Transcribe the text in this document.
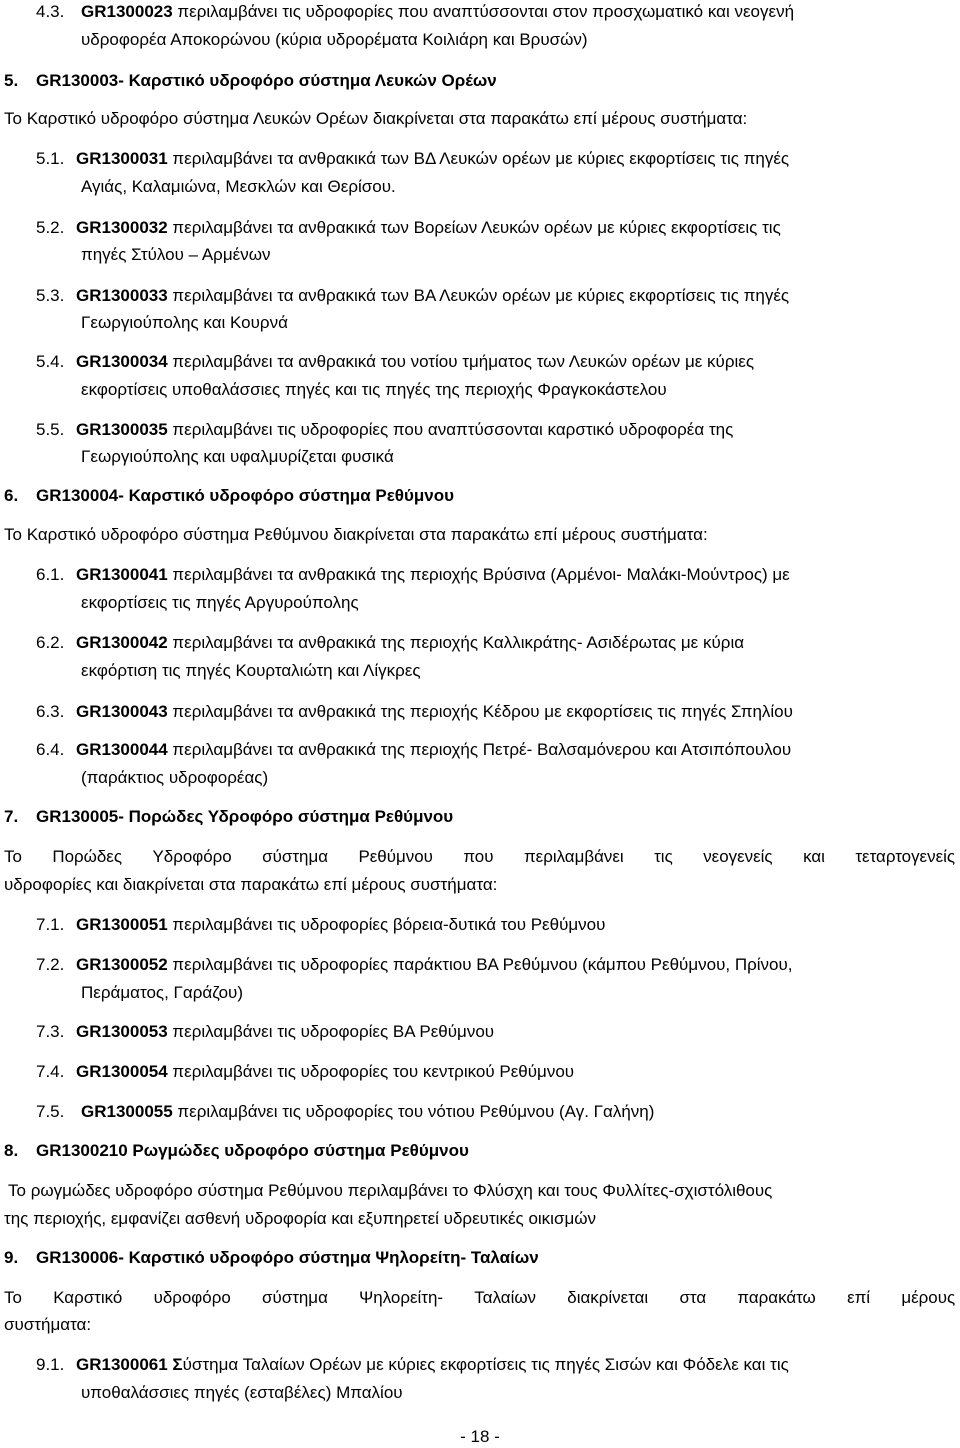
4.3. GR1300023 περιλαμβάνει τις υδροφορίες που αναπτύσσονται στον προσχωματικό και νεογενή
υδροφορέα Αποκορώνου (κύρια υδρορέματα Κοιλιάρη και Βρυσών)
5. GR130003- Καρστικό υδροφόρο σύστημα Λευκών Ορέων
Το Καρστικό υδροφόρο σύστημα Λευκών Ορέων διακρίνεται στα παρακάτω επί μέρους συστήματα:
5.1. GR1300031 περιλαμβάνει τα ανθρακικά των ΒΔ Λευκών ορέων με κύριες εκφορτίσεις τις πηγές
Αγιάς, Καλαμιώνα, Μεσκλών και Θερίσου.
5.2. GR1300032 περιλαμβάνει τα ανθρακικά των Βορείων Λευκών ορέων με κύριες εκφορτίσεις τις
πηγές Στύλου – Αρμένων
5.3. GR1300033 περιλαμβάνει τα ανθρακικά των ΒΑ Λευκών ορέων με κύριες εκφορτίσεις τις πηγές
Γεωργιούπολης και Κουρνά
5.4. GR1300034 περιλαμβάνει τα ανθρακικά του νοτίου τμήματος των Λευκών ορέων με κύριες
εκφορτίσεις υποθαλάσσιες πηγές και τις πηγές της περιοχής Φραγκοκάστελου
5.5. GR1300035 περιλαμβάνει τις υδροφορίες που αναπτύσσονται καρστικό υδροφορέα της
Γεωργιούπολης και υφαλμυρίζεται φυσικά
6. GR130004- Καρστικό υδροφόρο σύστημα Ρεθύμνου
Το Καρστικό υδροφόρο σύστημα Ρεθύμνου διακρίνεται στα παρακάτω επί μέρους συστήματα:
6.1. GR1300041 περιλαμβάνει τα ανθρακικά της περιοχής Βρύσινα (Αρμένοι- Μαλάκι-Μούντρος) με
εκφορτίσεις τις πηγές Αργυρούπολης
6.2. GR1300042 περιλαμβάνει τα ανθρακικά της περιοχής Καλλικράτης- Ασιδέρωτας με κύρια
εκφόρτιση τις πηγές Κουρταλιώτη και Λίγκρες
6.3. GR1300043 περιλαμβάνει τα ανθρακικά της περιοχής Κέδρου με εκφορτίσεις τις πηγές Σπηλίου
6.4. GR1300044 περιλαμβάνει τα ανθρακικά της περιοχής Πετρέ- Βαλσαμόνερου και Ατσιπόπουλου
(παράκτιος υδροφορέας)
7. GR130005- Πορώδες Υδροφόρο σύστημα Ρεθύμνου
Το Πορώδες Υδροφόρο σύστημα Ρεθύμνου που περιλαμβάνει τις νεογενείς και τεταρτογενείς
υδροφορίες και διακρίνεται στα παρακάτω επί μέρους συστήματα:
7.1. GR1300051 περιλαμβάνει τις υδροφορίες βόρεια-δυτικά του Ρεθύμνου
7.2. GR1300052 περιλαμβάνει τις υδροφορίες παράκτιου ΒΑ Ρεθύμνου (κάμπου Ρεθύμνου, Πρίνου,
Περάματος, Γαράζου)
7.3. GR1300053 περιλαμβάνει τις υδροφορίες ΒΑ Ρεθύμνου
7.4. GR1300054 περιλαμβάνει τις υδροφορίες του κεντρικού Ρεθύμνου
7.5. GR1300055 περιλαμβάνει τις υδροφορίες του νότιου Ρεθύμνου (Αγ. Γαλήνη)
8. GR1300210 Ρωγμώδες υδροφόρο σύστημα Ρεθύμνου
Το ρωγμώδες υδροφόρο σύστημα Ρεθύμνου περιλαμβάνει το Φλύσχη και τους Φυλλίτες-σχιστόλιθους
της περιοχής, εμφανίζει ασθενή υδροφορία και εξυπηρετεί υδρευτικές οικισμών
9. GR130006- Καρστικό υδροφόρο σύστημα Ψηλορείτη- Ταλαίων
Το Καρστικό υδροφόρο σύστημα Ψηλορείτη- Ταλαίων διακρίνεται στα παρακάτω επί μέρους
συστήματα:
9.1. GR1300061 Σύστημα Ταλαίων Ορέων με κύριες εκφορτίσεις τις πηγές Σισών και Φόδελε και τις
υποθαλάσσιες πηγές (εσταβέλες) Μπαλίου
- 18 -
